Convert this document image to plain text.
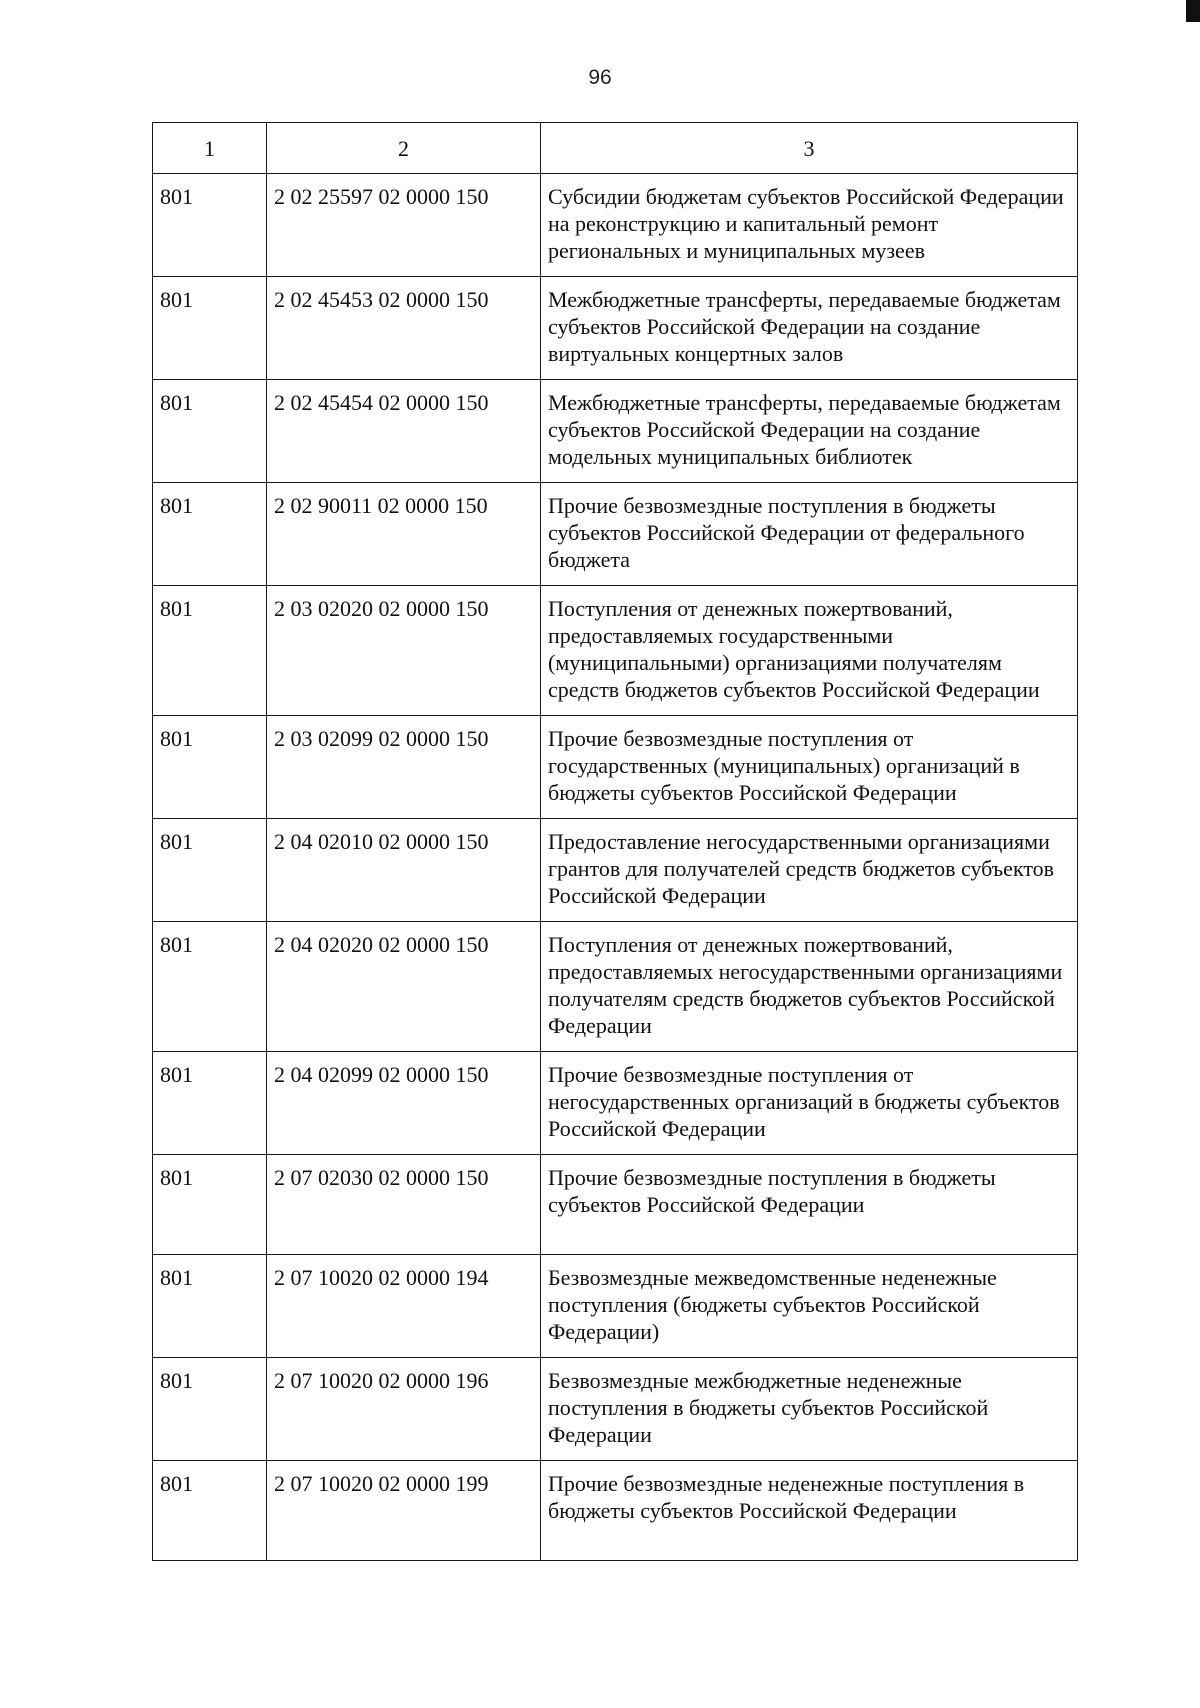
96
1	2	3
801	2 02 25597 02 0000 150	Субсидии бюджетам субъектов Российской Федерации на реконструкцию и капитальный ремонт региональных и муниципальных музеев
801	2 02 45453 02 0000 150	Межбюджетные трансферты, передаваемые бюджетам субъектов Российской Федерации на создание виртуальных концертных залов
801	2 02 45454 02 0000 150	Межбюджетные трансферты, передаваемые бюджетам субъектов Российской Федерации на создание модельных муниципальных библиотек
801	2 02 90011 02 0000 150	Прочие безвозмездные поступления в бюджеты субъектов Российской Федерации от федерального бюджета
801	2 03 02020 02 0000 150	Поступления от денежных пожертвований, предоставляемых государственными (муниципальными) организациями получателям средств бюджетов субъектов Российской Федерации
801	2 03 02099 02 0000 150	Прочие безвозмездные поступления от государственных (муниципальных) организаций в бюджеты субъектов Российской Федерации
801	2 04 02010 02 0000 150	Предоставление негосударственными организациями грантов для получателей средств бюджетов субъектов Российской Федерации
801	2 04 02020 02 0000 150	Поступления от денежных пожертвований, предоставляемых негосударственными организациями получателям средств бюджетов субъектов Российской Федерации
801	2 04 02099 02 0000 150	Прочие безвозмездные поступления от негосударственных организаций в бюджеты субъектов Российской Федерации
801	2 07 02030 02 0000 150	Прочие безвозмездные поступления в бюджеты субъектов Российской Федерации
801	2 07 10020 02 0000 194	Безвозмездные межведомственные неденежные поступления (бюджеты субъектов Российской Федерации)
801	2 07 10020 02 0000 196	Безвозмездные межбюджетные неденежные поступления в бюджеты субъектов Российской Федерации
801	2 07 10020 02 0000 199	Прочие безвозмездные неденежные поступления в бюджеты субъектов Российской Федерации
